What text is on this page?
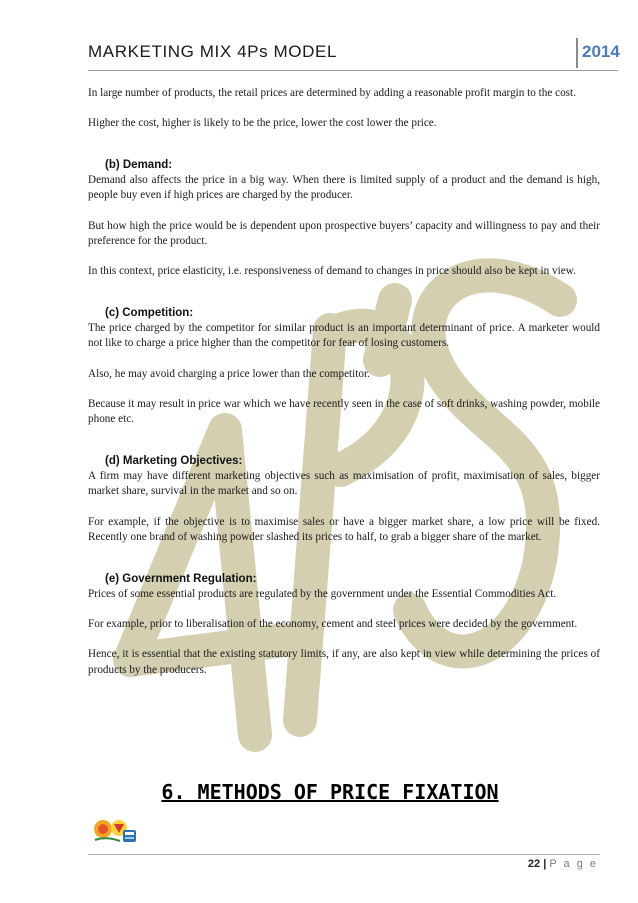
MARKETING MIX 4Ps MODEL	2014

In large number of products, the retail prices are determined by adding a reasonable profit margin to the cost.

Higher the cost, higher is likely to be the price, lower the cost lower the price.

(b) Demand:

Demand also affects the price in a big way. When there is limited supply of a product and the demand is high, people buy even if high prices are charged by the producer.

But how high the price would be is dependent upon prospective buyers’ capacity and willingness to pay and their preference for the product.

In this context, price elasticity, i.e. responsiveness of demand to changes in price should also be kept in view.

(c) Competition:

The price charged by the competitor for similar product is an important determinant of price. A marketer would not like to charge a price higher than the competitor for fear of losing customers.

Also, he may avoid charging a price lower than the competitor.

Because it may result in price war which we have recently seen in the case of soft drinks, washing powder, mobile phone etc.

(d) Marketing Objectives:

A firm may have different marketing objectives such as maximisation of profit, maximisation of sales, bigger market share, survival in the market and so on.

For example, if the objective is to maximise sales or have a bigger market share, a low price will be fixed. Recently one brand of washing powder slashed its prices to half, to grab a bigger share of the market.

(e) Government Regulation:

Prices of some essential products are regulated by the government under the Essential Commodities Act.

For example, prior to liberalisation of the economy, cement and steel prices were decided by the government.

Hence, it is essential that the existing statutory limits, if any, are also kept in view while determining the prices of products by the producers.

6. METHODS OF PRICE FIXATION
22 | P a g e
